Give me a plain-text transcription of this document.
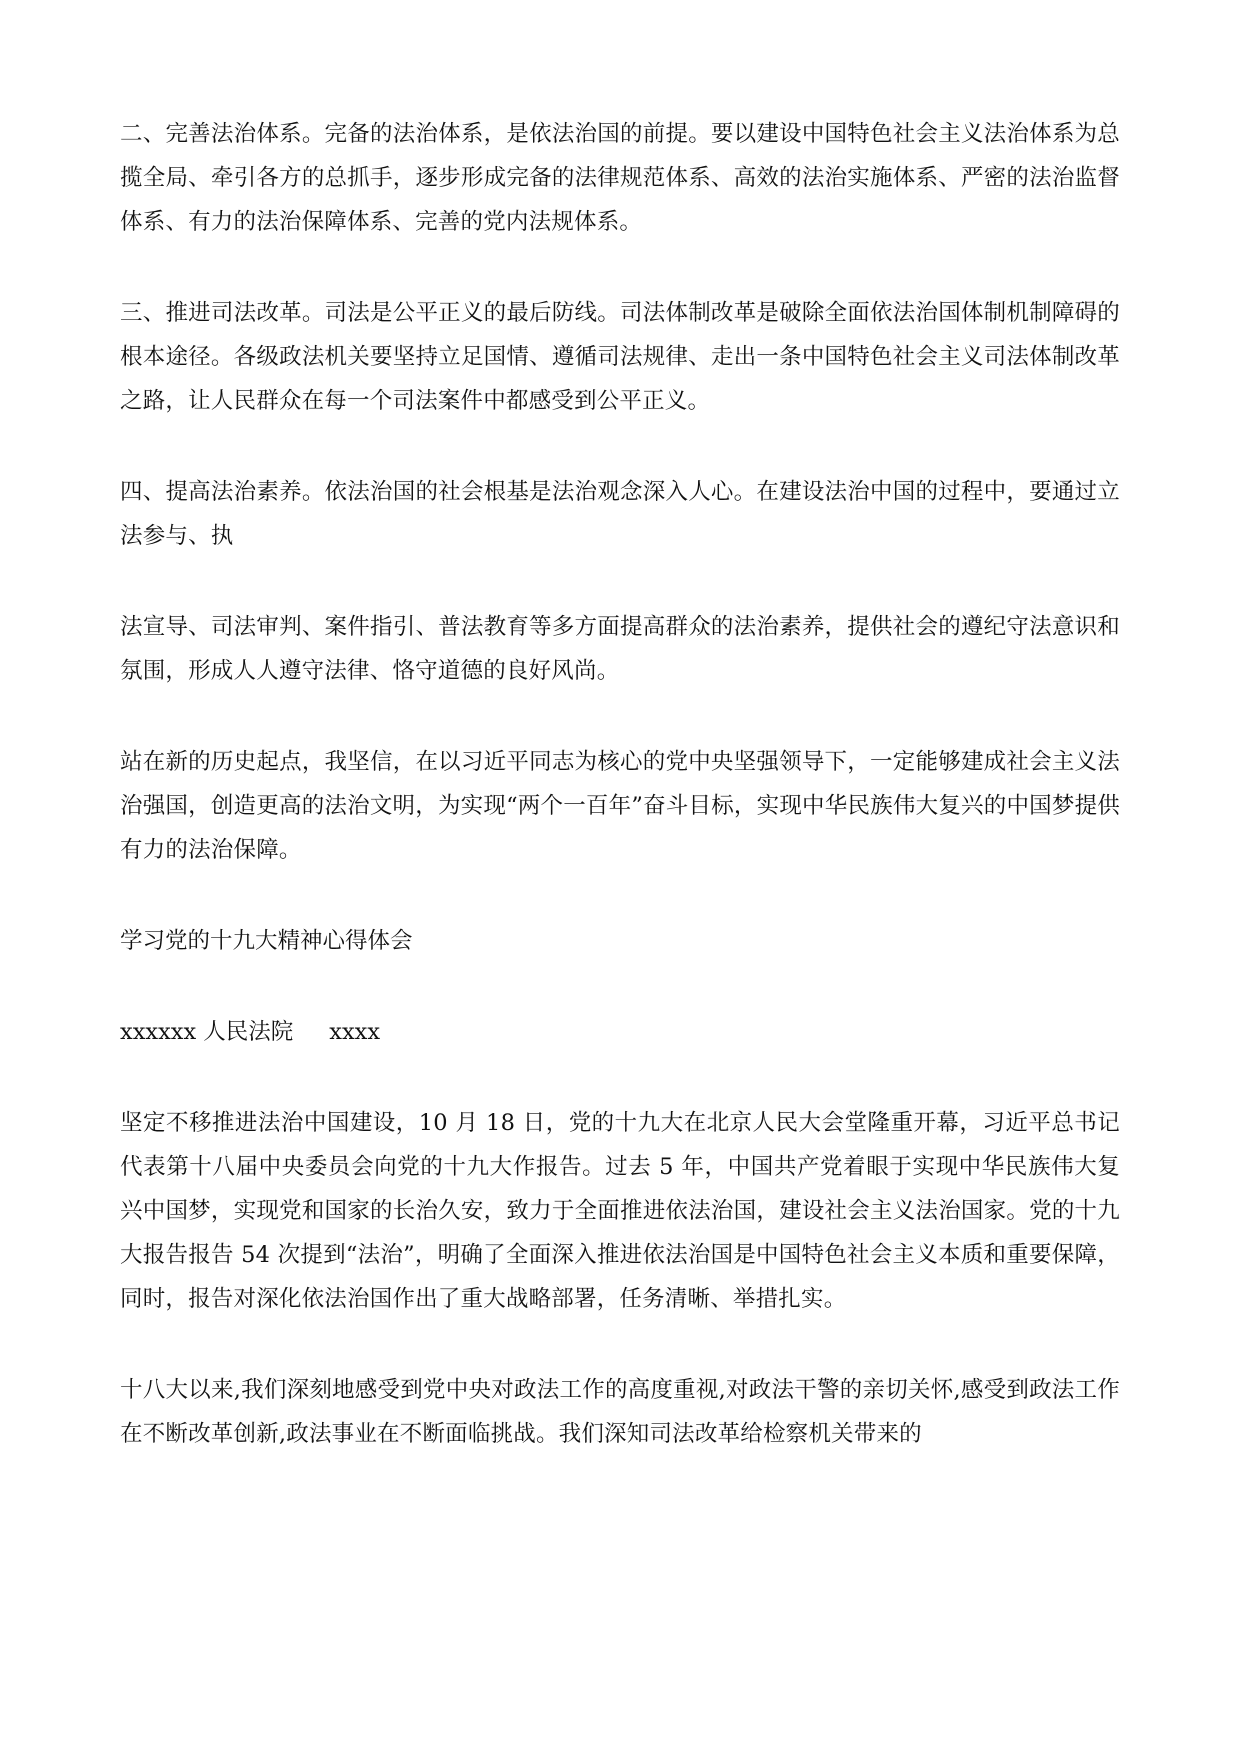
二、完善法治体系。完备的法治体系，是依法治国的前提。要以建设中国特色社会主义法治体系为总揽全局、牵引各方的总抓手，逐步形成完备的法律规范体系、高效的法治实施体系、严密的法治监督体系、有力的法治保障体系、完善的党内法规体系。

三、推进司法改革。司法是公平正义的最后防线。司法体制改革是破除全面依法治国体制机制障碍的根本途径。各级政法机关要坚持立足国情、遵循司法规律、走出一条中国特色社会主义司法体制改革之路，让人民群众在每一个司法案件中都感受到公平正义。

四、提高法治素养。依法治国的社会根基是法治观念深入人心。在建设法治中国的过程中，要通过立法参与、执

法宣导、司法审判、案件指引、普法教育等多方面提高群众的法治素养，提供社会的遵纪守法意识和氛围，形成人人遵守法律、恪守道德的良好风尚。

站在新的历史起点，我坚信，在以习近平同志为核心的党中央坚强领导下，一定能够建成社会主义法治强国，创造更高的法治文明，为实现“两个一百年”奋斗目标，实现中华民族伟大复兴的中国梦提供有力的法治保障。

学习党的十九大精神心得体会

xxxxxx 人民法院 xxxx

坚定不移推进法治中国建设，10 月 18 日，党的十九大在北京人民大会堂隆重开幕，习近平总书记代表第十八届中央委员会向党的十九大作报告。过去 5 年，中国共产党着眼于实现中华民族伟大复兴中国梦，实现党和国家的长治久安，致力于全面推进依法治国，建设社会主义法治国家。党的十九大报告报告 54 次提到“法治”，明确了全面深入推进依法治国是中国特色社会主义本质和重要保障，同时，报告对深化依法治国作出了重大战略部署，任务清晰、举措扎实。

十八大以来,我们深刻地感受到党中央对政法工作的高度重视,对政法干警的亲切关怀,感受到政法工作在不断改革创新,政法事业在不断面临挑战。我们深知司法改革给检察机关带来的
